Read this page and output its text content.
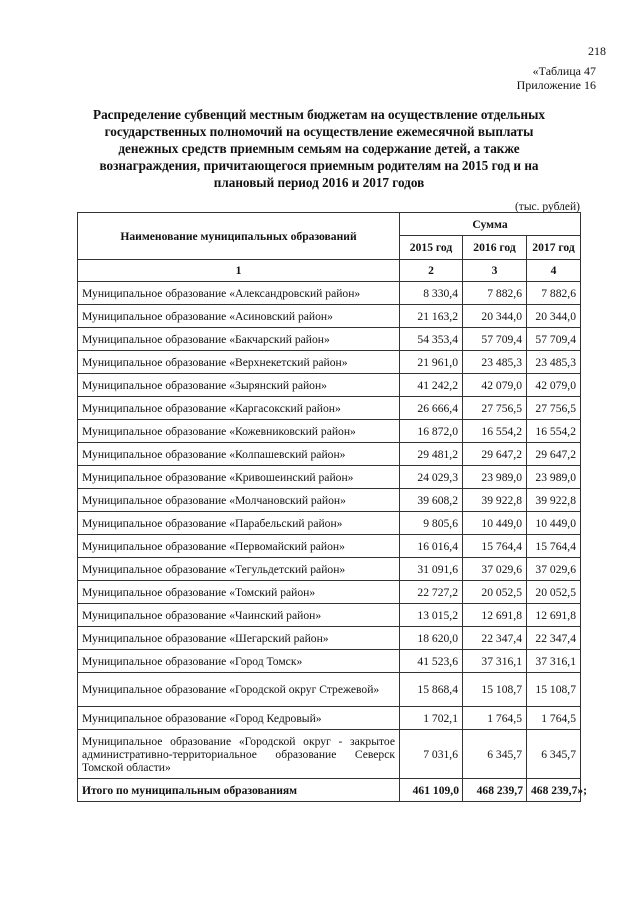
218
«Таблица 47
Приложение 16
Распределение субвенций местным бюджетам на осуществление отдельных государственных полномочий на осуществление ежемесячной выплаты денежных средств приемным семьям на содержание детей, а также вознаграждения, причитающегося приемным родителям на 2015 год и на плановый период 2016 и 2017 годов
(тыс. рублей)
Наименование муниципальных образований	Сумма		
	2015 год	2016 год	2017 год
1	2	3	4
Муниципальное образование «Александровский район»	8 330,4	7 882,6	7 882,6
Муниципальное образование «Асиновский район»	21 163,2	20 344,0	20 344,0
Муниципальное образование «Бакчарский район»	54 353,4	57 709,4	57 709,4
Муниципальное образование «Верхнекетский район»	21 961,0	23 485,3	23 485,3
Муниципальное образование «Зырянский район»	41 242,2	42 079,0	42 079,0
Муниципальное образование «Каргасокский район»	26 666,4	27 756,5	27 756,5
Муниципальное образование «Кожевниковский район»	16 872,0	16 554,2	16 554,2
Муниципальное образование «Колпашевский район»	29 481,2	29 647,2	29 647,2
Муниципальное образование «Кривошеинский район»	24 029,3	23 989,0	23 989,0
Муниципальное образование «Молчановский район»	39 608,2	39 922,8	39 922,8
Муниципальное образование «Парабельский район»	9 805,6	10 449,0	10 449,0
Муниципальное образование «Первомайский район»	16 016,4	15 764,4	15 764,4
Муниципальное образование «Тегульдетский район»	31 091,6	37 029,6	37 029,6
Муниципальное образование «Томский район»	22 727,2	20 052,5	20 052,5
Муниципальное образование «Чаинский район»	13 015,2	12 691,8	12 691,8
Муниципальное образование «Шегарский район»	18 620,0	22 347,4	22 347,4
Муниципальное образование «Город Томск»	41 523,6	37 316,1	37 316,1
Муниципальное образование «Городской округ Стрежевой»	15 868,4	15 108,7	15 108,7
Муниципальное образование «Город Кедровый»	1 702,1	1 764,5	1 764,5
Муниципальное образование «Городской округ - закрытое административно-территориальное образование Северск Томской области»	7 031,6	6 345,7	6 345,7
Итого по муниципальным образованиям	461 109,0	468 239,7	468 239,7»;
